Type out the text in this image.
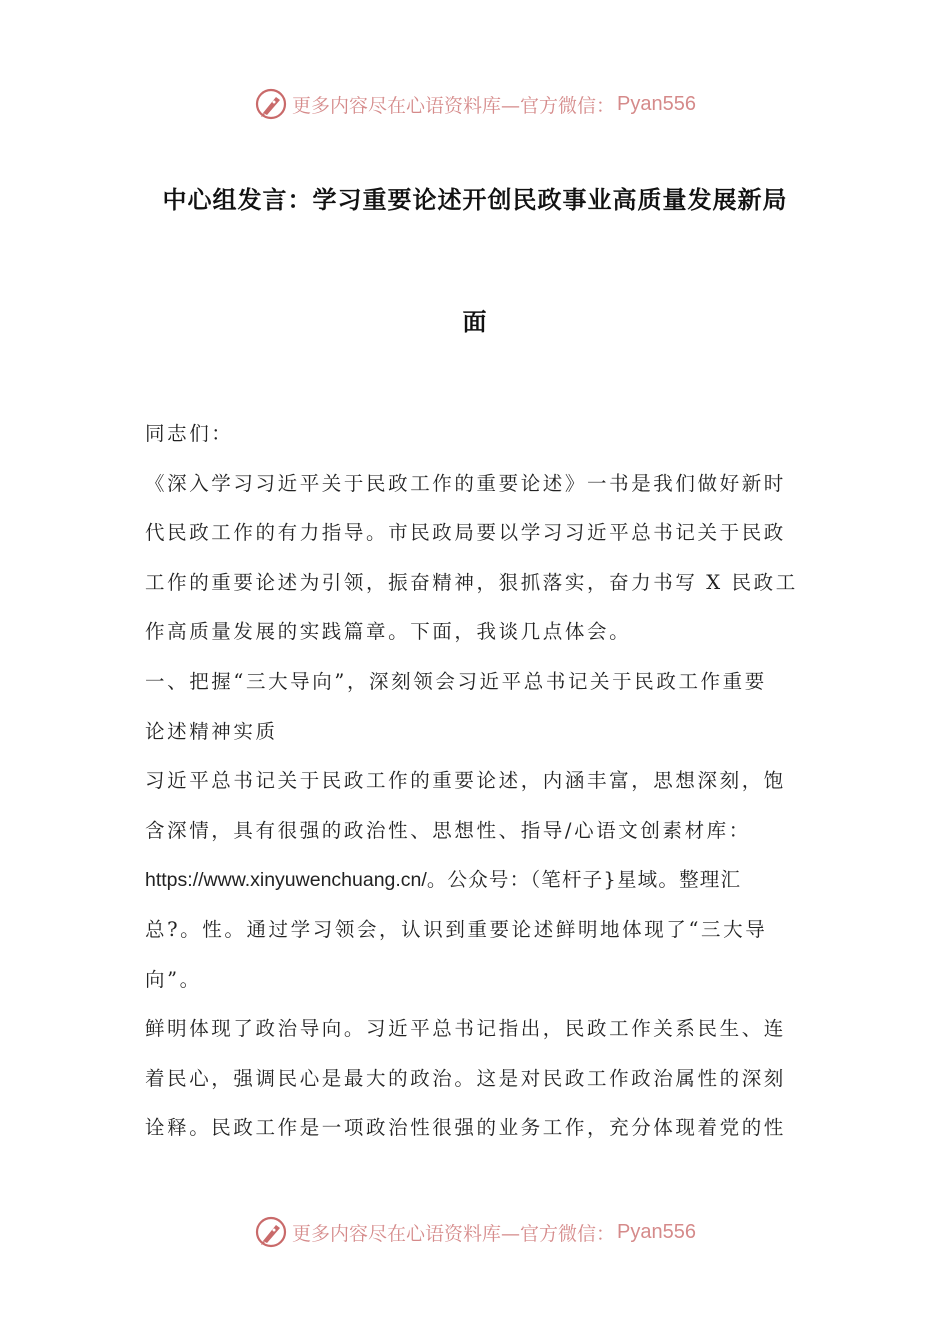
更多内容尽在心语资料库—官方微信： Pyan556
中心组发言：学习重要论述开创民政事业高质量发展新局
面
同志们：
《深入学习习近平关于民政工作的重要论述》一书是我们做好新时
代民政工作的有力指导。市民政局要以学习习近平总书记关于民政
工作的重要论述为引领，振奋精神，狠抓落实，奋力书写 X 民政工
作高质量发展的实践篇章。下面，我谈几点体会。
一、把握“三大导向”，深刻领会习近平总书记关于民政工作重要
论述精神实质
习近平总书记关于民政工作的重要论述，内涵丰富，思想深刻，饱
含深情，具有很强的政治性、思想性、指导/心语文创素材库：
https://www.xinyuwenchuang.cn/。公众号：（笔杆子}星域。整理汇
总?。性。通过学习领会，认识到重要论述鲜明地体现了“三大导
向”。
鲜明体现了政治导向。习近平总书记指出，民政工作关系民生、连
着民心，强调民心是最大的政治。这是对民政工作政治属性的深刻
诠释。民政工作是一项政治性很强的业务工作，充分体现着党的性
更多内容尽在心语资料库—官方微信： Pyan556
